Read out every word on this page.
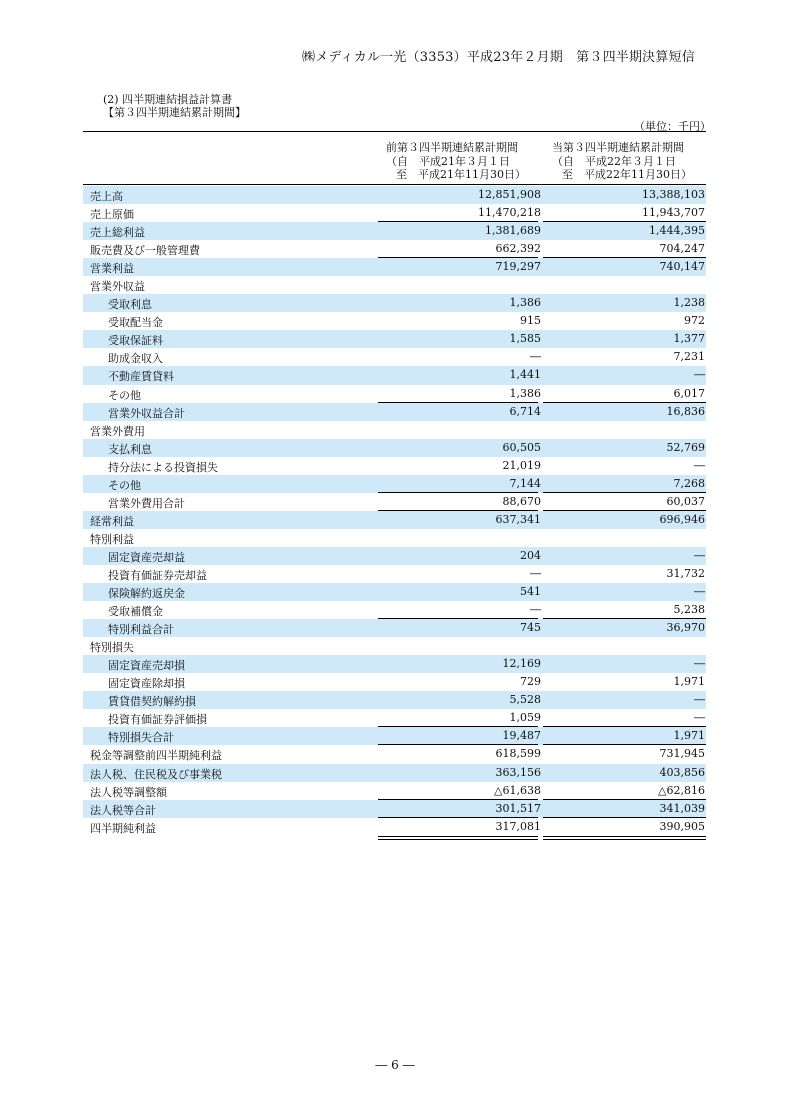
㈱メディカル一光（3353）平成23年２月期　第３四半期決算短信
(2) 四半期連結損益計算書
【第３四半期連結累計期間】
（単位：千円）
前第３四半期連結累計期間
（自　平成21年３月１日
至　平成21年11月30日）
当第３四半期連結累計期間
（自　平成22年３月１日
至　平成22年11月30日）
売上高	12,851,908	13,388,103
売上原価	11,470,218	11,943,707
売上総利益	1,381,689	1,444,395
販売費及び一般管理費	662,392	704,247
営業利益	719,297	740,147
営業外収益
受取利息	1,386	1,238
受取配当金	915	972
受取保証料	1,585	1,377
助成金収入	―	7,231
不動産賃貸料	1,441	―
その他	1,386	6,017
営業外収益合計	6,714	16,836
営業外費用
支払利息	60,505	52,769
持分法による投資損失	21,019	―
その他	7,144	7,268
営業外費用合計	88,670	60,037
経常利益	637,341	696,946
特別利益
固定資産売却益	204	―
投資有価証券売却益	―	31,732
保険解約返戻金	541	―
受取補償金	―	5,238
特別利益合計	745	36,970
特別損失
固定資産売却損	12,169	―
固定資産除却損	729	1,971
賃貸借契約解約損	5,528	―
投資有価証券評価損	1,059	―
特別損失合計	19,487	1,971
税金等調整前四半期純利益	618,599	731,945
法人税、住民税及び事業税	363,156	403,856
法人税等調整額	△61,638	△62,816
法人税等合計	301,517	341,039
四半期純利益	317,081	390,905
― 6 ―
